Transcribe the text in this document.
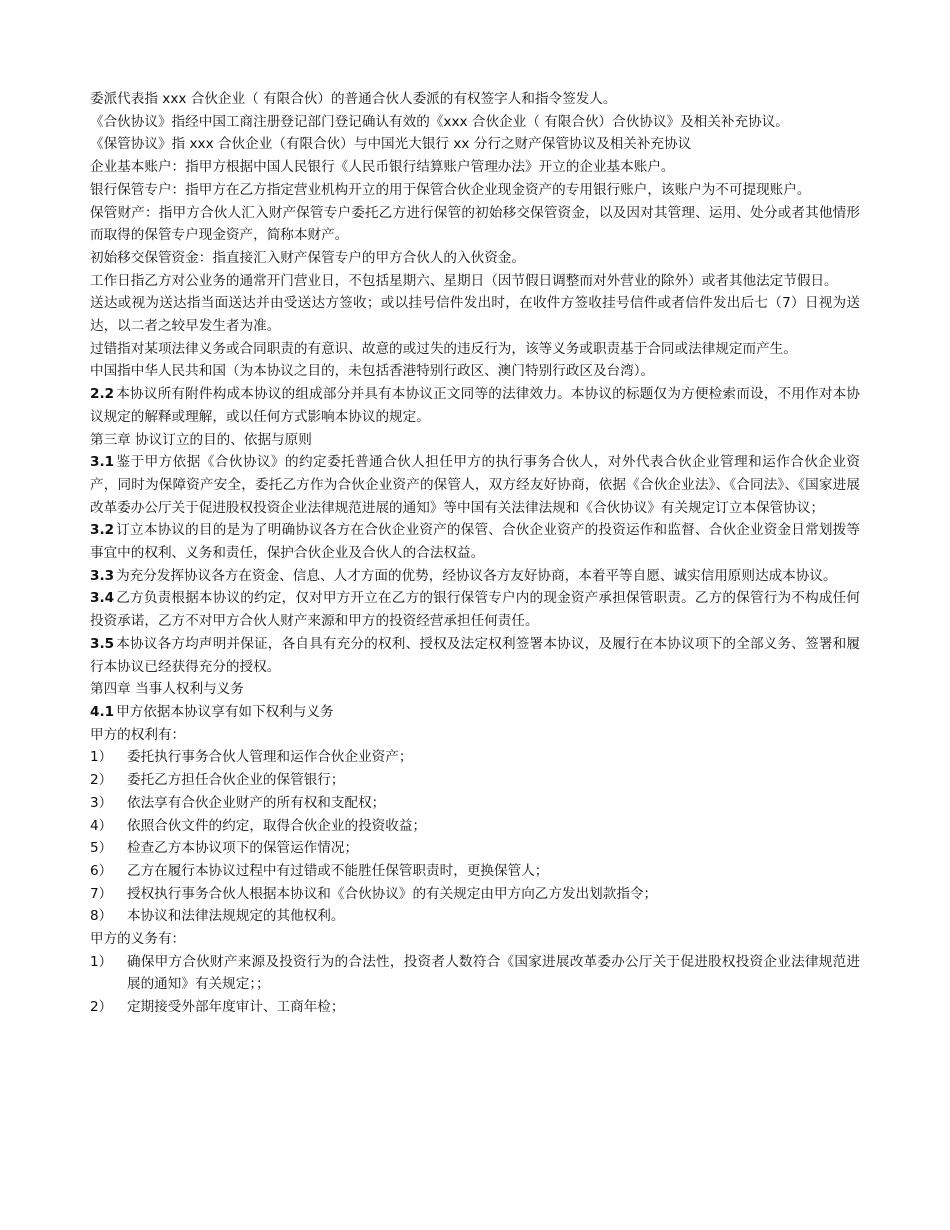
委派代表指 xxx 合伙企业（ 有限合伙）的普通合伙人委派的有权签字人和指令签发人。
《合伙协议》指经中国工商注册登记部门登记确认有效的《xxx 合伙企业（ 有限合伙）合伙协议》及相关补充协议。
《保管协议》指 xxx 合伙企业（有限合伙）与中国光大银行 xx 分行之财产保管协议及相关补充协议
企业基本账户：指甲方根据中国人民银行《人民币银行结算账户管理办法》开立的企业基本账户。
银行保管专户：指甲方在乙方指定营业机构开立的用于保管合伙企业现金资产的专用银行账户，该账户为不可提现账户。
保管财产：指甲方合伙人汇入财产保管专户委托乙方进行保管的初始移交保管资金，以及因对其管理、运用、处分或者其他情形而取得的保管专户现金资产，简称本财产。
初始移交保管资金：指直接汇入财产保管专户的甲方合伙人的入伙资金。
工作日指乙方对公业务的通常开门营业日，不包括星期六、星期日（因节假日调整而对外营业的除外）或者其他法定节假日。
送达或视为送达指当面送达并由受送达方签收；或以挂号信件发出时，在收件方签收挂号信件或者信件发出后七（7）日视为送达，以二者之较早发生者为准。
过错指对某项法律义务或合同职责的有意识、故意的或过失的违反行为，该等义务或职责基于合同或法律规定而产生。
中国指中华人民共和国（为本协议之目的，未包括香港特别行政区、澳门特别行政区及台湾）。
2.2 本协议所有附件构成本协议的组成部分并具有本协议正文同等的法律效力。本协议的标题仅为方便检索而设，不用作对本协议规定的解释或理解，或以任何方式影响本协议的规定。
第三章 协议订立的目的、依据与原则
3.1 鉴于甲方依据《合伙协议》的约定委托普通合伙人担任甲方的执行事务合伙人，对外代表合伙企业管理和运作合伙企业资产，同时为保障资产安全，委托乙方作为合伙企业资产的保管人，双方经友好协商，依据《合伙企业法》、《合同法》、《国家进展改革委办公厅关于促进股权投资企业法律规范进展的通知》等中国有关法律法规和《合伙协议》有关规定订立本保管协议；
3.2 订立本协议的目的是为了明确协议各方在合伙企业资产的保管、合伙企业资产的投资运作和监督、合伙企业资金日常划拨等事宜中的权利、义务和责任，保护合伙企业及合伙人的合法权益。
3.3 为充分发挥协议各方在资金、信息、人才方面的优势，经协议各方友好协商，本着平等自愿、诚实信用原则达成本协议。
3.4 乙方负责根据本协议的约定，仅对甲方开立在乙方的银行保管专户内的现金资产承担保管职责。乙方的保管行为不构成任何投资承诺，乙方不对甲方合伙人财产来源和甲方的投资经营承担任何责任。
3.5 本协议各方均声明并保证，各自具有充分的权利、授权及法定权利签署本协议，及履行在本协议项下的全部义务、签署和履行本协议已经获得充分的授权。
第四章 当事人权利与义务
4.1 甲方依据本协议享有如下权利与义务
甲方的权利有：
1） 委托执行事务合伙人管理和运作合伙企业资产；
2） 委托乙方担任合伙企业的保管银行；
3） 依法享有合伙企业财产的所有权和支配权；
4） 依照合伙文件的约定，取得合伙企业的投资收益；
5） 检查乙方本协议项下的保管运作情况；
6） 乙方在履行本协议过程中有过错或不能胜任保管职责时，更换保管人；
7） 授权执行事务合伙人根据本协议和《合伙协议》的有关规定由甲方向乙方发出划款指令；
8） 本协议和法律法规规定的其他权利。
甲方的义务有：
1） 确保甲方合伙财产来源及投资行为的合法性，投资者人数符合《国家进展改革委办公厅关于促进股权投资企业法律规范进展的通知》有关规定；；
2） 定期接受外部年度审计、工商年检；
